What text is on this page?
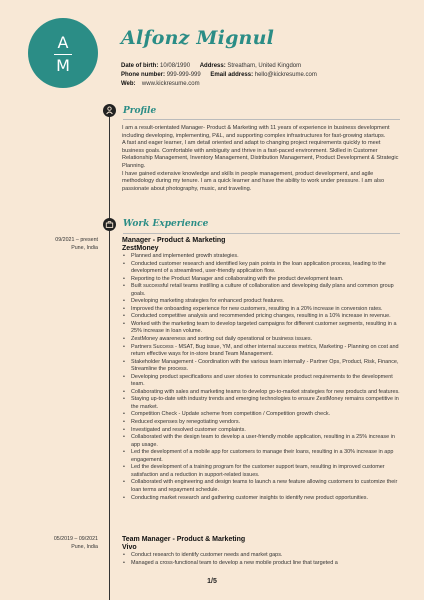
A
M
Alfonz Mignul
Date of birth: 10/08/1990 Address: Streatham, United Kingdom
Phone number: 999-999-999 Email address: hello@kickresume.com
Web: www.kickresume.com
Profile

I am a result-orientated Manager- Product & Marketing with 11 years of experience in business development including developing, implementing, P&L, and supporting complex infrastructures for fast-growing startups.

A fast and eager learner, I am detail oriented and adapt to changing project requirements quickly to meet business goals. Comfortable with ambiguity and thrive in a fast-paced environment. Skilled in Customer Relationship Management, Inventory Management, Distribution Management, Product Development & Strategic Planning.

I have gained extensive knowledge and skills in people management, product development, and agile methodology during my tenure. I am a quick learner and have the ability to work under pressure. I am also passionate about photography, music, and traveling.

Work Experience
09/2021 – present
Pune, India
Manager - Product & Marketing
ZestMoney
• Planned and implemented growth strategies.
• Conducted customer research and identified key pain points in the loan application process, leading to the development of a streamlined, user-friendly application flow.
• Reporting to the Product Manager and collaborating with the product development team.
• Built successful retail teams instilling a culture of collaboration and developing daily plans and common group goals.
• Developing marketing strategies for enhanced product features.
• Improved the onboarding experience for new customers, resulting in a 20% increase in conversion rates.
• Conducted competitive analysis and recommended pricing changes, resulting in a 10% increase in revenue.
• Worked with the marketing team to develop targeted campaigns for different customer segments, resulting in a 25% increase in loan volume.
• ZestMoney awareness and sorting out daily operational or business issues.
• Partners Success - MSAT, Bug issue, YM, and other internal success metrics, Marketing - Planning on cost and return effective ways for in-store brand Team Management.
• Stakeholder Management - Coordination with the various team internally - Partner Ops, Product, Risk, Finance, Streamline the process.
• Developing product specifications and user stories to communicate product requirements to the development team.
• Collaborating with sales and marketing teams to develop go-to-market strategies for new products and features.
• Staying up-to-date with industry trends and emerging technologies to ensure ZestMoney remains competitive in the market.
• Competition Check - Update scheme from competition / Competition growth check.
• Reduced expenses by renegotiating vendors.
• Investigated and resolved customer complaints.
• Collaborated with the design team to develop a user-friendly mobile application, resulting in a 25% increase in app usage.
• Led the development of a mobile app for customers to manage their loans, resulting in a 30% increase in app engagement.
• Led the development of a training program for the customer support team, resulting in improved customer satisfaction and a reduction in support-related issues.
• Collaborated with engineering and design teams to launch a new feature allowing customers to customize their loan terms and repayment schedule.
• Conducting market research and gathering customer insights to identify new product opportunities.
05/2019 – 09/2021
Pune, India
Team Manager - Product & Marketing
Vivo
• Conduct research to identify customer needs and market gaps.
• Managed a cross-functional team to develop a new mobile product line that targeted a
1/5
